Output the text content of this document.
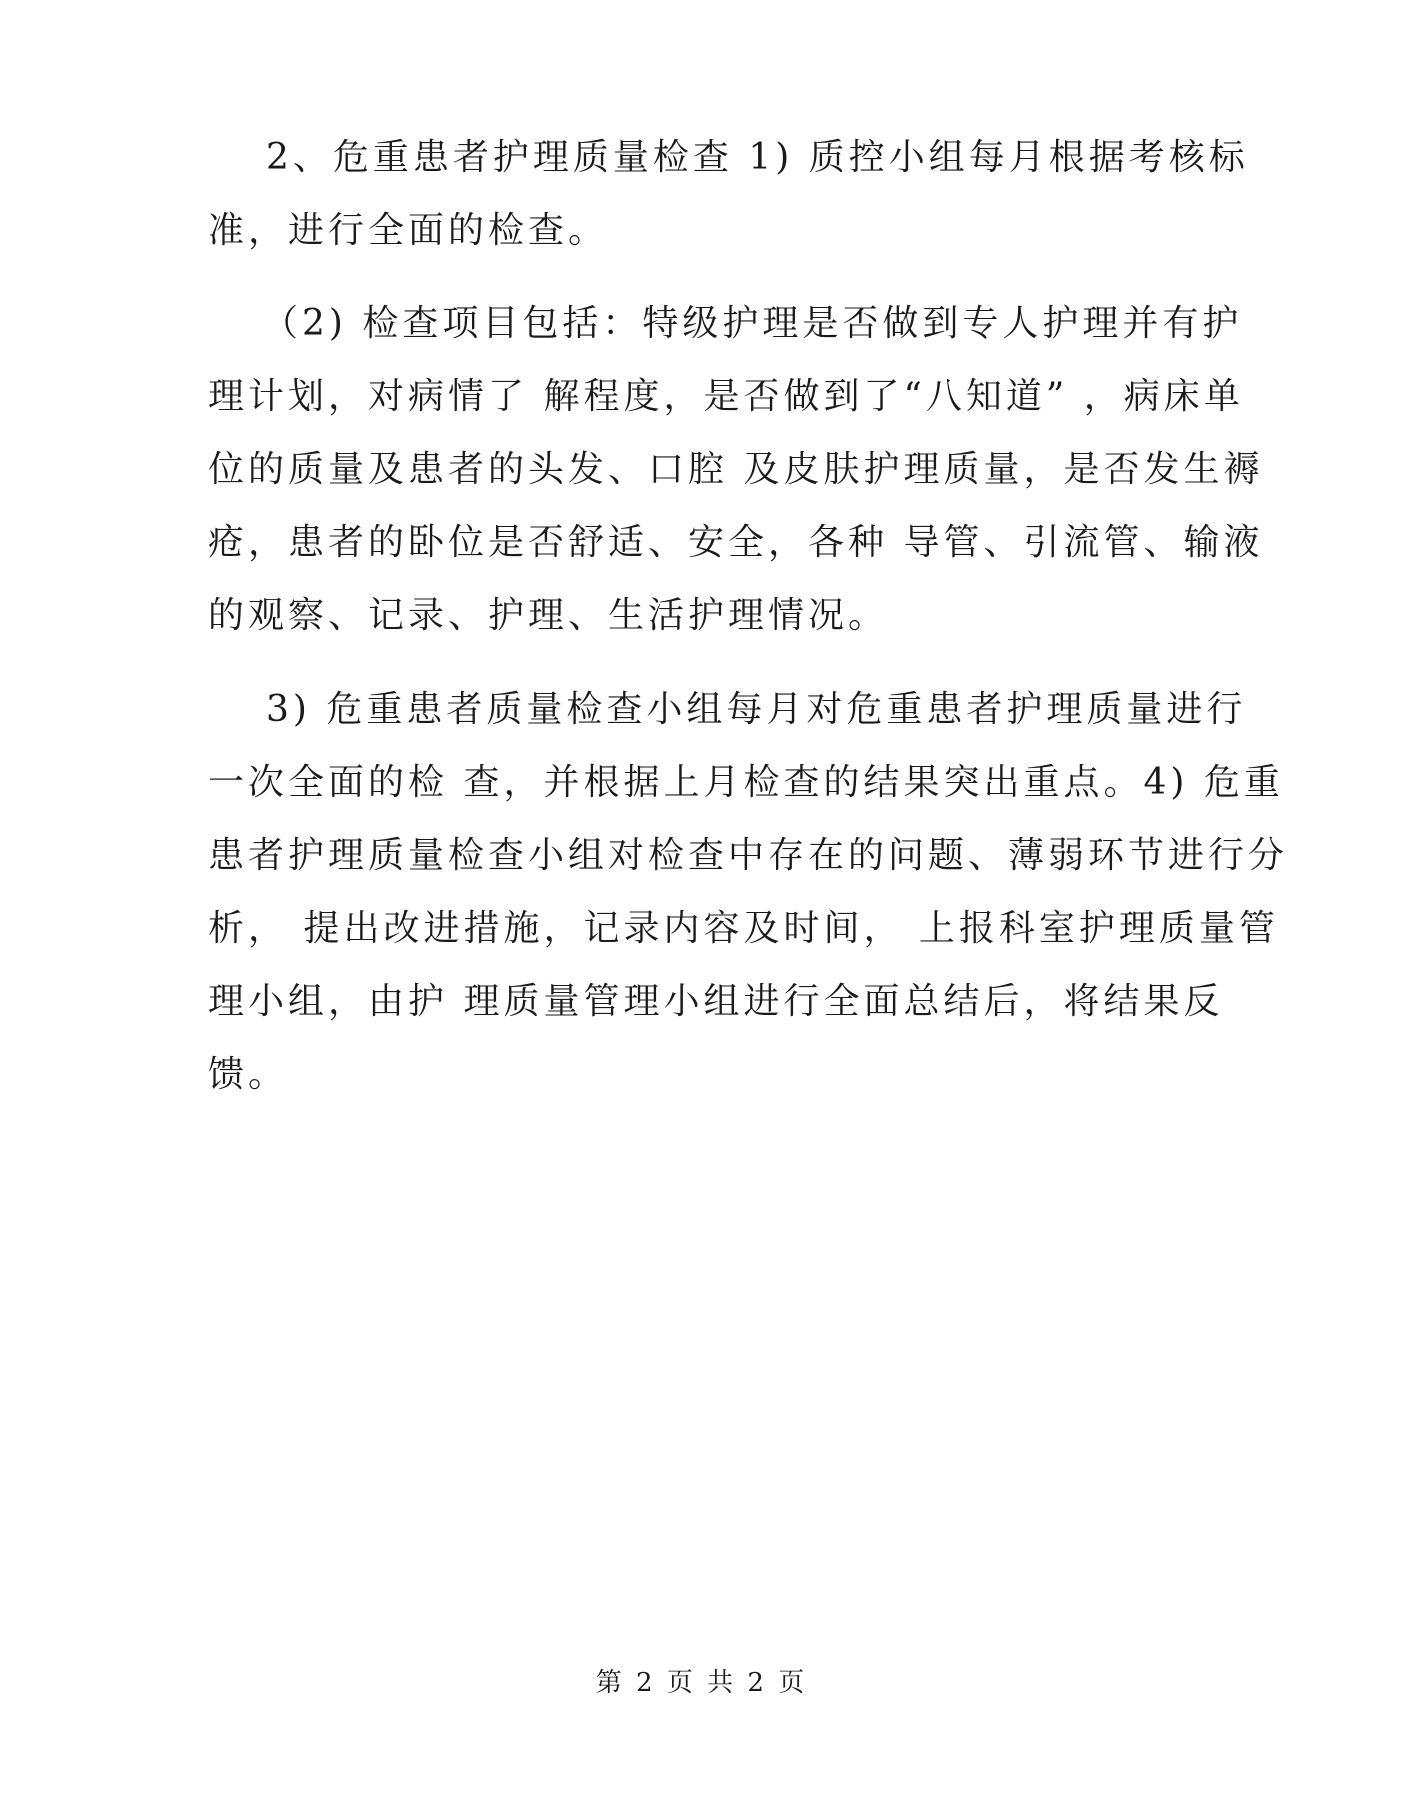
2、危重患者护理质量检查 1) 质控小组每月根据考核标
准，进行全面的检查。
（2) 检查项目包括：特级护理是否做到专人护理并有护
理计划，对病情了 解程度，是否做到了“八知道” ，病床单
位的质量及患者的头发、口腔 及皮肤护理质量，是否发生褥
疮，患者的卧位是否舒适、安全，各种 导管、引流管、输液
的观察、记录、护理、生活护理情况。
3) 危重患者质量检查小组每月对危重患者护理质量进行
一次全面的检 查，并根据上月检查的结果突出重点。4) 危重
患者护理质量检查小组对检查中存在的问题、薄弱环节进行分
析， 提出改进措施，记录内容及时间， 上报科室护理质量管
理小组，由护 理质量管理小组进行全面总结后，将结果反
馈。
第 2 页 共 2 页
